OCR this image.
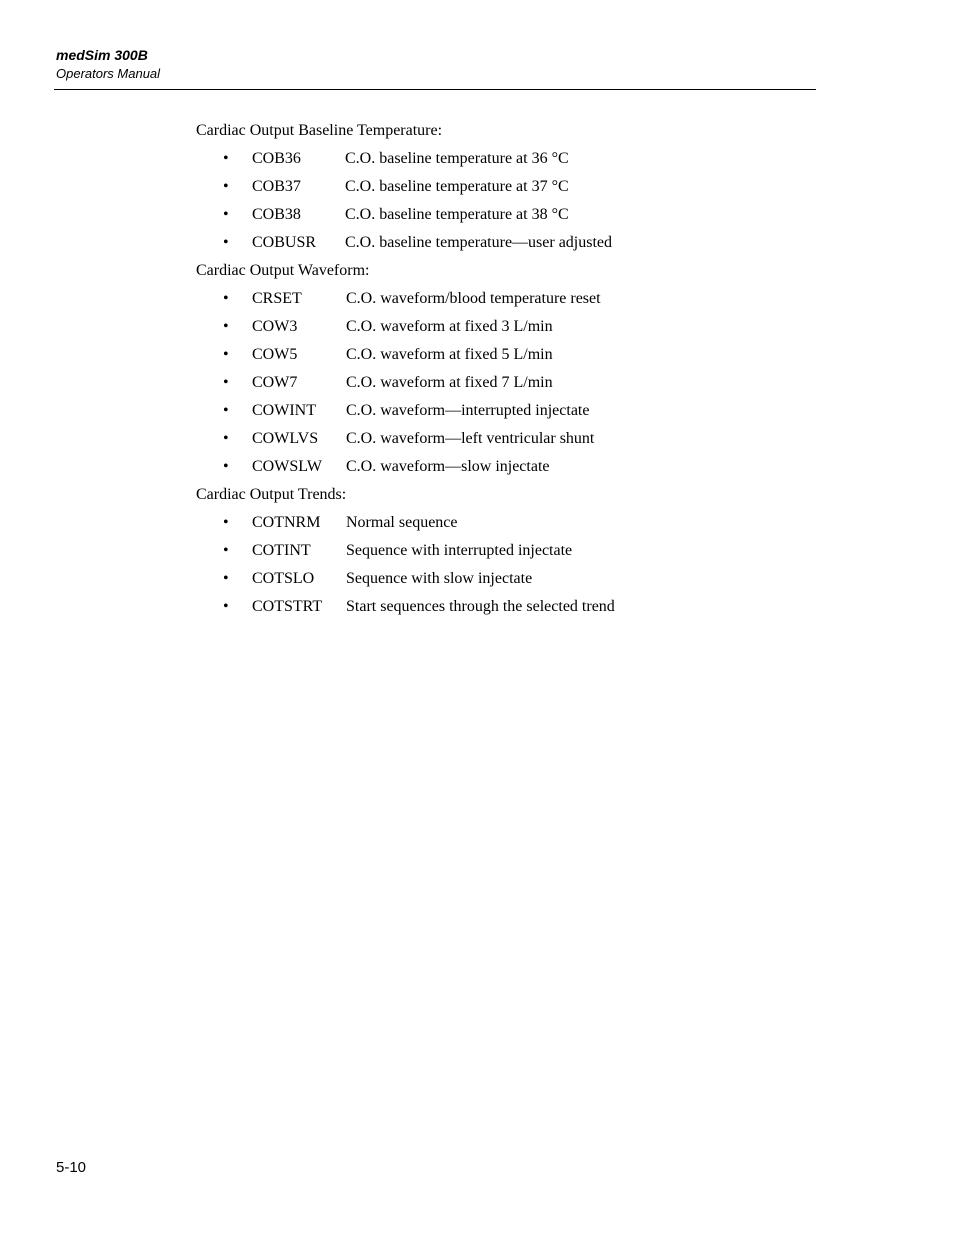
medSim 300B
Operators Manual
Cardiac Output Baseline Temperature:
• COB36	C.O. baseline temperature at 36 °C
• COB37	C.O. baseline temperature at 37 °C
• COB38	C.O. baseline temperature at 38 °C
• COBUSR C.O. baseline temperature—user adjusted
Cardiac Output Waveform:
• CRSET	C.O. waveform/blood temperature reset
• COW3	C.O. waveform at fixed 3 L/min
• COW5	C.O. waveform at fixed 5 L/min
• COW7	C.O. waveform at fixed 7 L/min
• COWINT C.O. waveform—interrupted injectate
• COWLVS C.O. waveform—left ventricular shunt
• COWSLW C.O. waveform—slow injectate
Cardiac Output Trends:
• COTNRM Normal sequence
• COTINT Sequence with interrupted injectate
• COTSLO Sequence with slow injectate
• COTSTRT Start sequences through the selected trend
5-10
